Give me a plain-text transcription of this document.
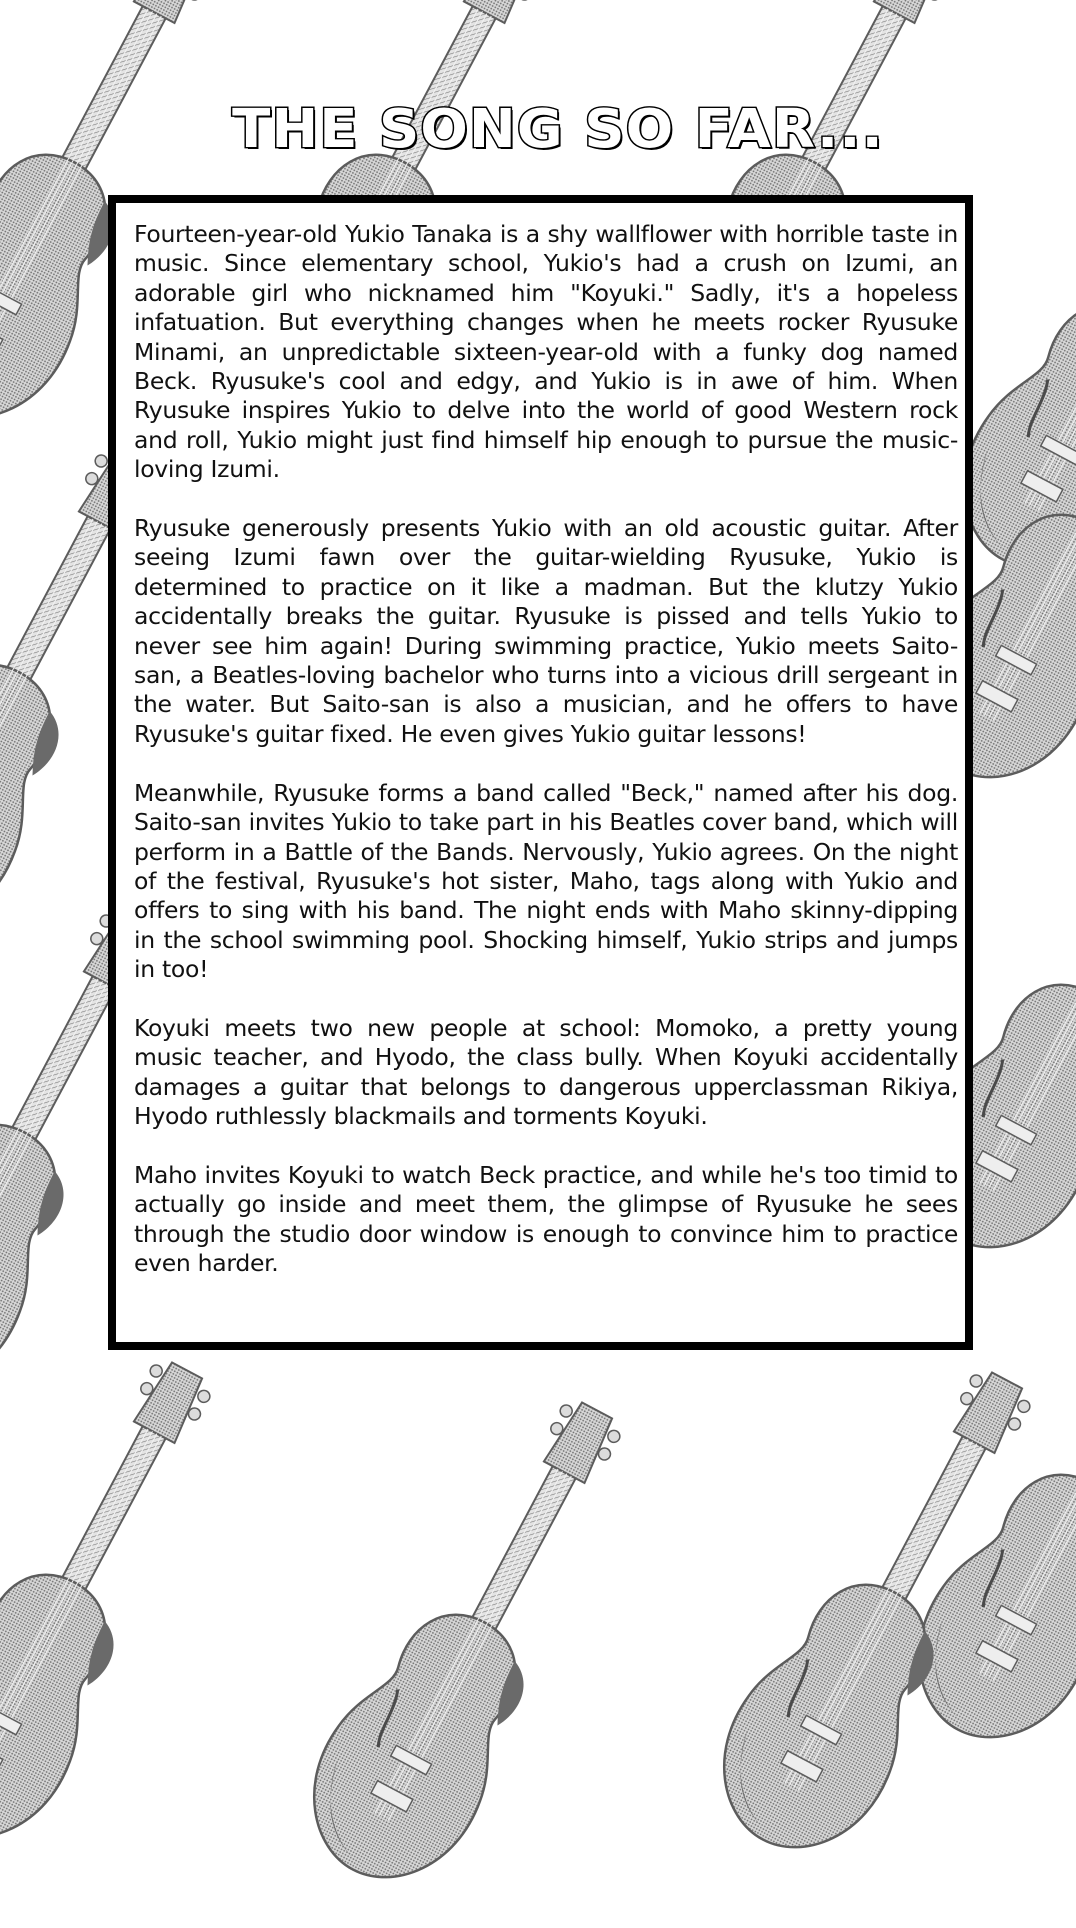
THE SONG SO FAR...

Fourteen-year-old Yukio Tanaka is a shy wallflower with horrible taste in music. Since elementary school, Yukio's had a crush on Izumi, an adorable girl who nicknamed him "Koyuki." Sadly, it's a hopeless infatuation. But everything changes when he meets rocker Ryusuke Minami, an unpredictable sixteen-year-old with a funky dog named Beck. Ryusuke's cool and edgy, and Yukio is in awe of him. When Ryusuke inspires Yukio to delve into the world of good Western rock and roll, Yukio might just find himself hip enough to pursue the music-loving Izumi.

Ryusuke generously presents Yukio with an old acoustic guitar. After seeing Izumi fawn over the guitar-wielding Ryusuke, Yukio is determined to practice on it like a madman. But the klutzy Yukio accidentally breaks the guitar. Ryusuke is pissed and tells Yukio to never see him again! During swimming practice, Yukio meets Saito-san, a Beatles-loving bachelor who turns into a vicious drill sergeant in the water. But Saito-san is also a musician, and he offers to have Ryusuke's guitar fixed. He even gives Yukio guitar lessons!

Meanwhile, Ryusuke forms a band called "Beck," named after his dog. Saito-san invites Yukio to take part in his Beatles cover band, which will perform in a Battle of the Bands. Nervously, Yukio agrees. On the night of the festival, Ryusuke's hot sister, Maho, tags along with Yukio and offers to sing with his band. The night ends with Maho skinny-dipping in the school swimming pool. Shocking himself, Yukio strips and jumps in too!

Koyuki meets two new people at school: Momoko, a pretty young music teacher, and Hyodo, the class bully. When Koyuki accidentally damages a guitar that belongs to dangerous upperclassman Rikiya, Hyodo ruthlessly blackmails and torments Koyuki.

Maho invites Koyuki to watch Beck practice, and while he's too timid to actually go inside and meet them, the glimpse of Ryusuke he sees through the studio door window is enough to convince him to practice even harder.
